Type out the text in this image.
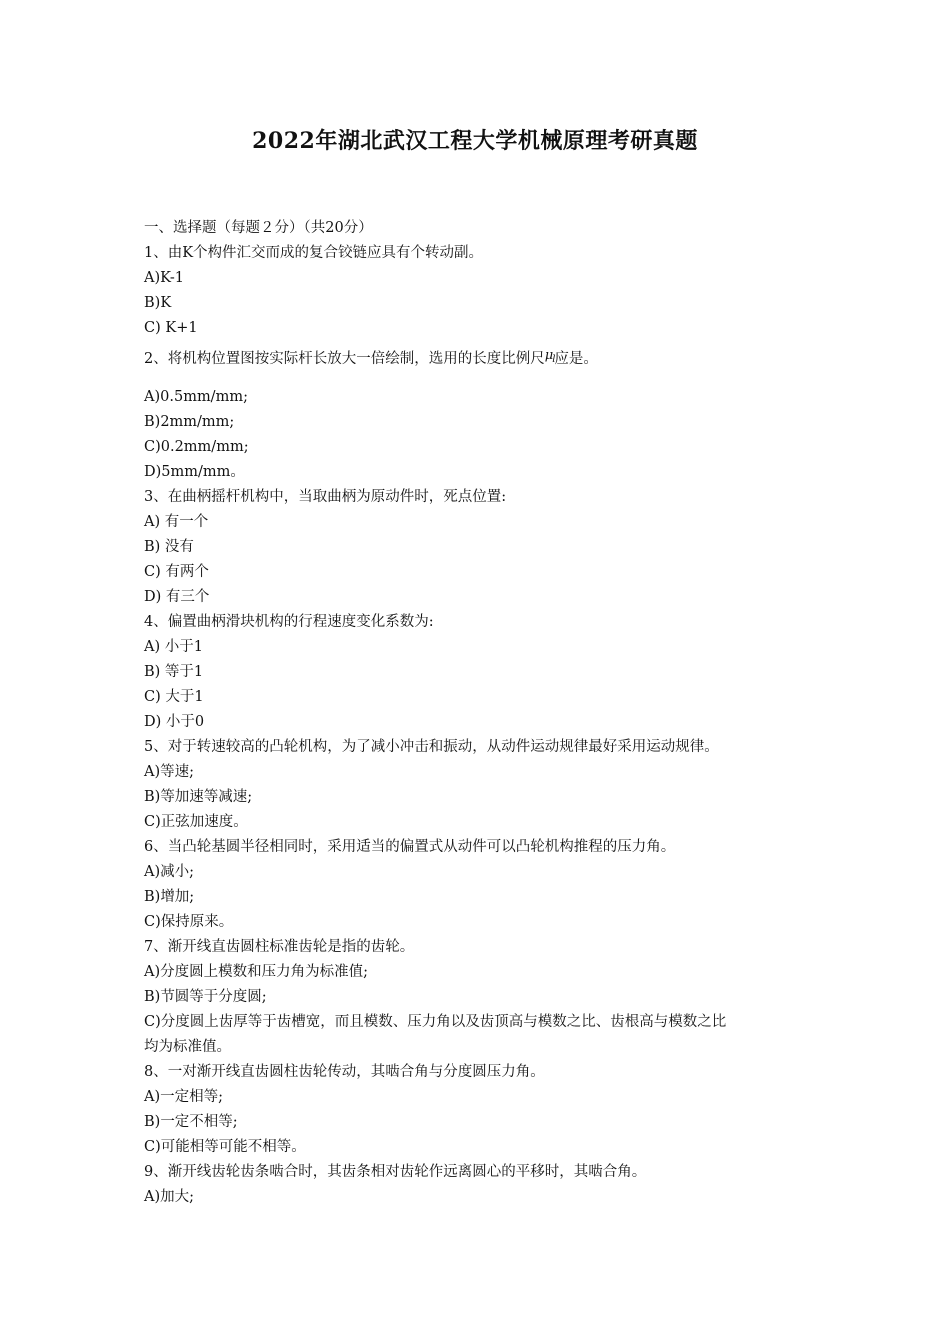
2022年湖北武汉工程大学机械原理考研真题
一、选择题（每题２分）（共20分）
1、由K个构件汇交而成的复合铰链应具有个转动副。
A)K-1
B)K
C) K+1
2、将机构位置图按实际杆长放大一倍绘制，选用的长度比例尺$\mu_l$应是。
A)0.5mm/mm;
B)2mm/mm;
C)0.2mm/mm;
D)5mm/mm。
3、在曲柄摇杆机构中，当取曲柄为原动件时，死点位置:
A) 有一个
B) 没有
C) 有两个
D) 有三个
4、偏置曲柄滑块机构的行程速度变化系数为:
A) 小于1
B) 等于1
C) 大于1
D) 小于0
5、对于转速较高的凸轮机构，为了减小冲击和振动，从动件运动规律最好采用运动规律。
A)等速;
B)等加速等减速;
C)正弦加速度。
6、当凸轮基圆半径相同时，采用适当的偏置式从动件可以凸轮机构推程的压力角。
A)减小;
B)增加;
C)保持原来。
7、渐开线直齿圆柱标准齿轮是指的齿轮。
A)分度圆上模数和压力角为标准值;
B)节圆等于分度圆;
C)分度圆上齿厚等于齿槽宽，而且模数、压力角以及齿顶高与模数之比、齿根高与模数之比
均为标准值。
8、一对渐开线直齿圆柱齿轮传动，其啮合角与分度圆压力角。
A)一定相等;
B)一定不相等;
C)可能相等可能不相等。
9、渐开线齿轮齿条啮合时，其齿条相对齿轮作远离圆心的平移时，其啮合角。
A)加大;
